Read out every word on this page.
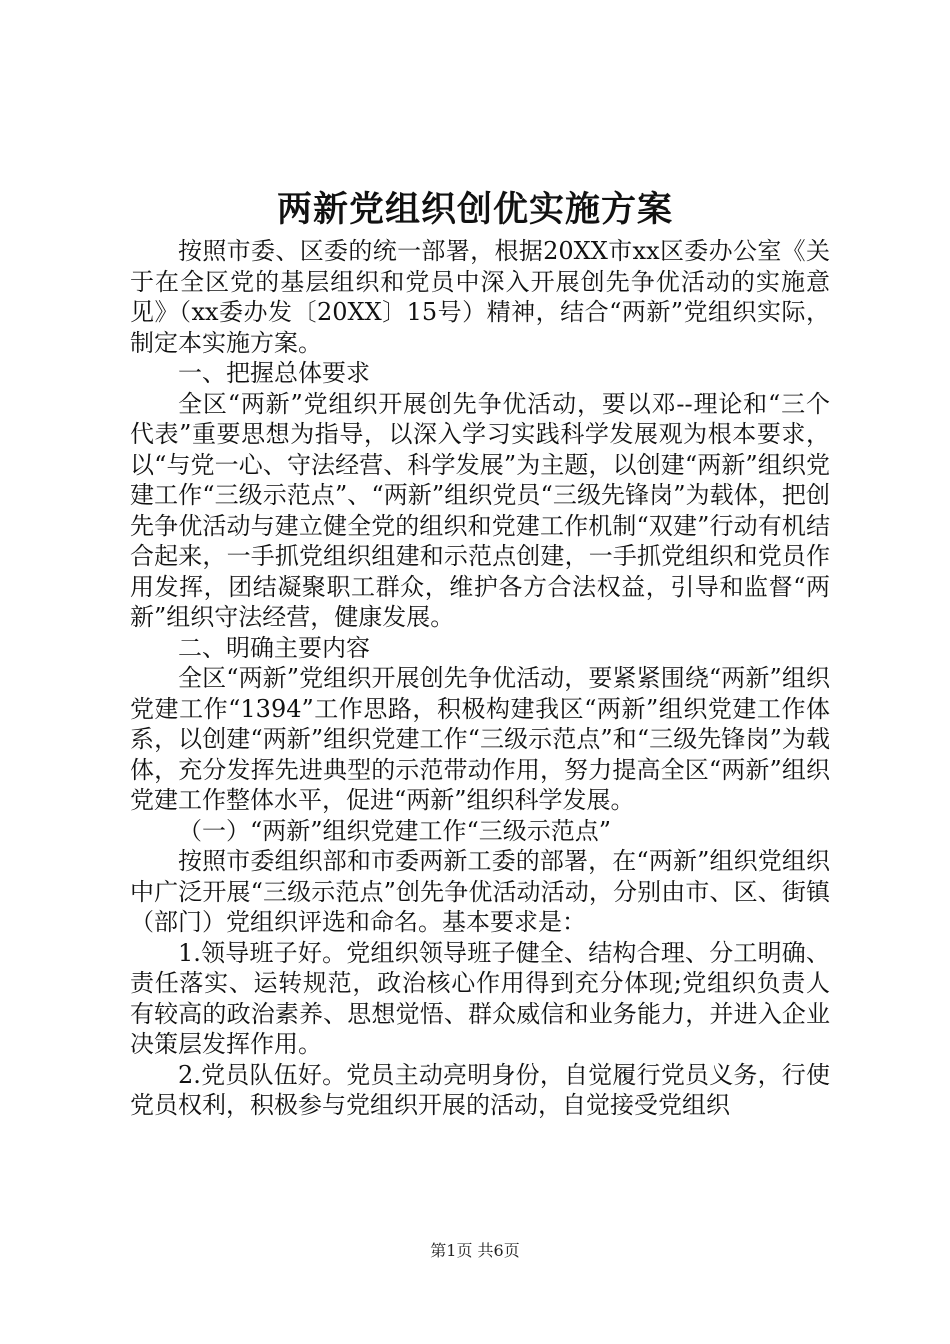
两新党组织创优实施方案

按照市委、区委的统一部署，根据20XX市xx区委办公室《关于在全区党的基层组织和党员中深入开展创先争优活动的实施意见》（xx委办发〔20XX〕15号）精神，结合“两新”党组织实际，制定本实施方案。

一、把握总体要求

全区“两新”党组织开展创先争优活动，要以邓--理论和“三个代表”重要思想为指导，以深入学习实践科学发展观为根本要求，以“与党一心、守法经营、科学发展”为主题，以创建“两新”组织党建工作“三级示范点”、“两新”组织党员“三级先锋岗”为载体，把创先争优活动与建立健全党的组织和党建工作机制“双建”行动有机结合起来，一手抓党组织组建和示范点创建，一手抓党组织和党员作用发挥，团结凝聚职工群众，维护各方合法权益，引导和监督“两新”组织守法经营，健康发展。

二、明确主要内容

全区“两新”党组织开展创先争优活动，要紧紧围绕“两新”组织党建工作“1394”工作思路，积极构建我区“两新”组织党建工作体系，以创建“两新”组织党建工作“三级示范点”和“三级先锋岗”为载体，充分发挥先进典型的示范带动作用，努力提高全区“两新”组织党建工作整体水平，促进“两新”组织科学发展。

（一）“两新”组织党建工作“三级示范点”

按照市委组织部和市委两新工委的部署，在“两新”组织党组织中广泛开展“三级示范点”创先争优活动活动，分别由市、区、街镇（部门）党组织评选和命名。基本要求是：

1.领导班子好。党组织领导班子健全、结构合理、分工明确、责任落实、运转规范，政治核心作用得到充分体现;党组织负责人有较高的政治素养、思想觉悟、群众威信和业务能力，并进入企业决策层发挥作用。

2.党员队伍好。党员主动亮明身份，自觉履行党员义务，行使党员权利，积极参与党组织开展的活动，自觉接受党组织

第1页 共6页
